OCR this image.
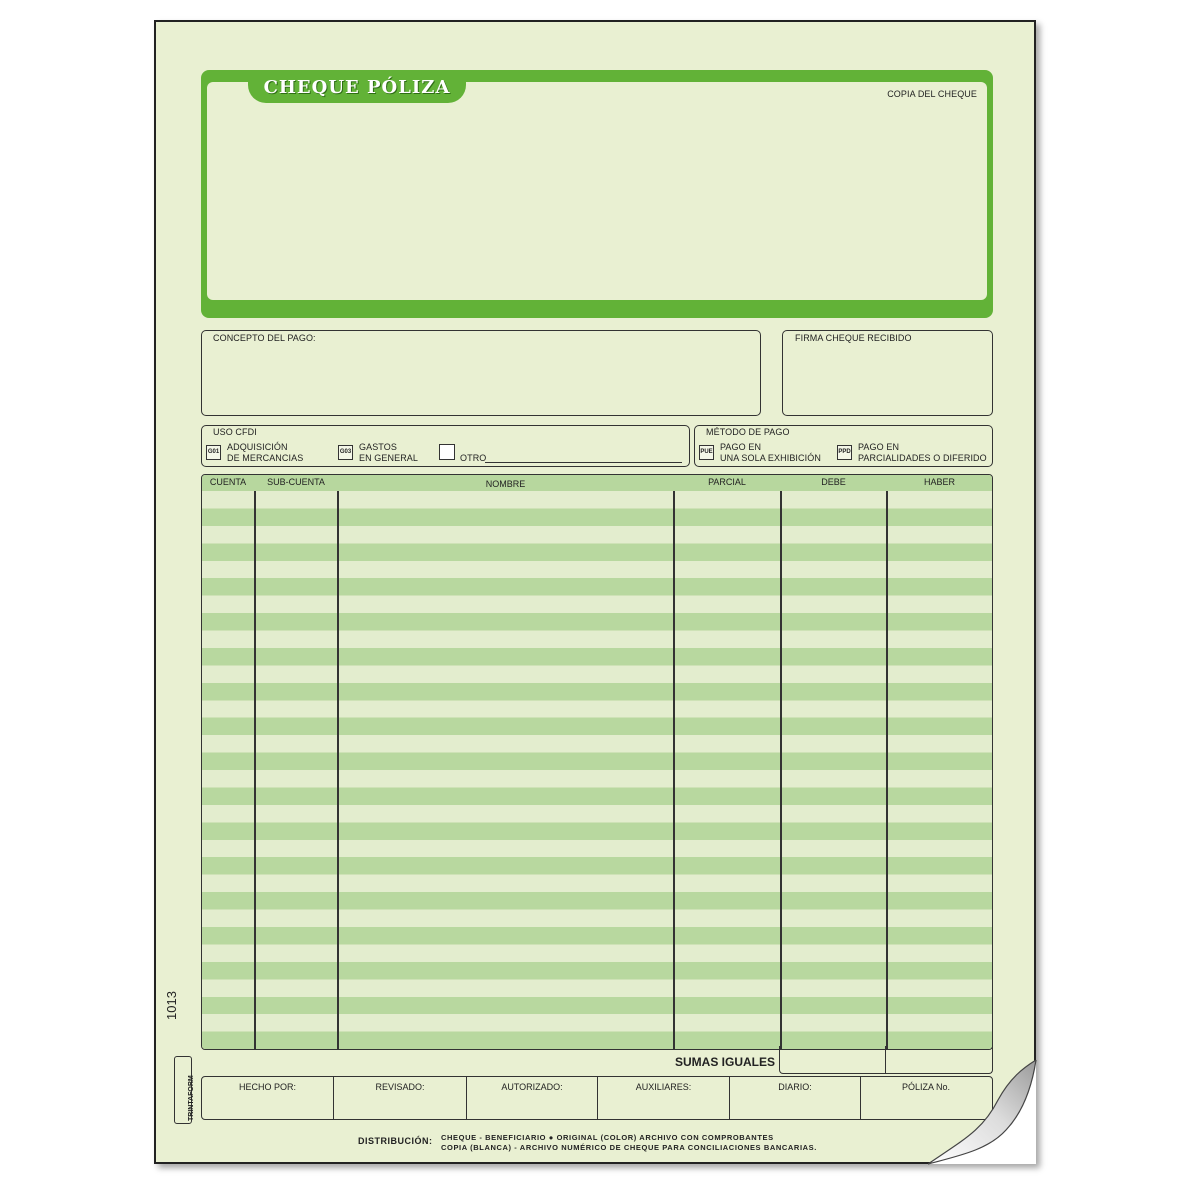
CHEQUE PÓLIZA	COPIA DEL CHEQUE
CONCEPTO DEL PAGO:	FIRMA CHEQUE RECIBIDO
USO CFDI
G01 ADQUISICIÓN
DE MERCANCIAS
G03 GASTOS
EN GENERAL	OTRO
MÉTODO DE PAGO
PUE PAGO EN
UNA SOLA EXHIBICIÓN
PPD PAGO EN
PARCIALIDADES O DIFERIDO
CUENTA	SUB-CUENTA	NOMBRE	PARCIAL	DEBE	HABER
SUMAS IGUALES
HECHO POR:	REVISADO:	AUTORIZADO:	AUXILIARES:	DIARIO:	PÓLIZA No.
DISTRIBUCIÓN: CHEQUE - BENEFICIARIO ● ORIGINAL (COLOR) ARCHIVO CON COMPROBANTES
COPIA (BLANCA) - ARCHIVO NUMÉRICO DE CHEQUE PARA CONCILIACIONES BANCARIAS.
1013
TRINTAFORM
